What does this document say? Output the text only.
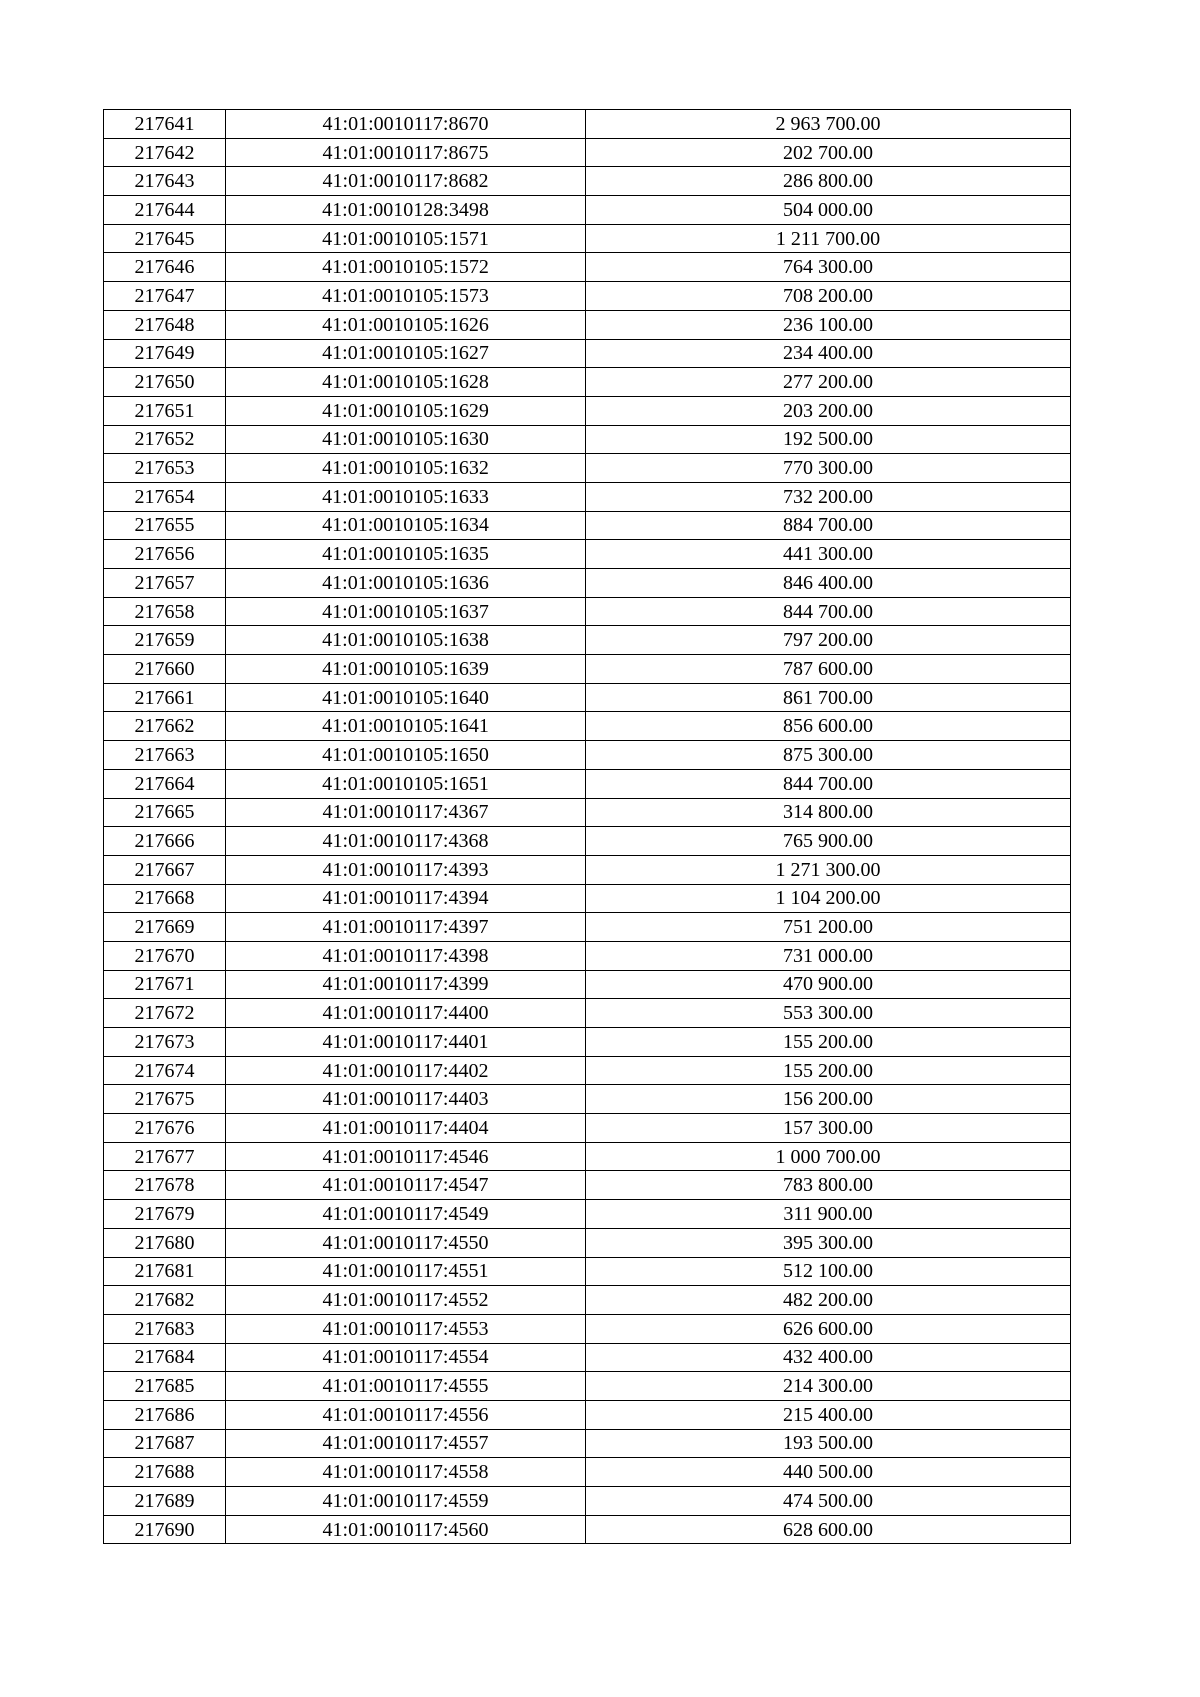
217641	41:01:0010117:8670	2 963 700.00
217642	41:01:0010117:8675	202 700.00
217643	41:01:0010117:8682	286 800.00
217644	41:01:0010128:3498	504 000.00
217645	41:01:0010105:1571	1 211 700.00
217646	41:01:0010105:1572	764 300.00
217647	41:01:0010105:1573	708 200.00
217648	41:01:0010105:1626	236 100.00
217649	41:01:0010105:1627	234 400.00
217650	41:01:0010105:1628	277 200.00
217651	41:01:0010105:1629	203 200.00
217652	41:01:0010105:1630	192 500.00
217653	41:01:0010105:1632	770 300.00
217654	41:01:0010105:1633	732 200.00
217655	41:01:0010105:1634	884 700.00
217656	41:01:0010105:1635	441 300.00
217657	41:01:0010105:1636	846 400.00
217658	41:01:0010105:1637	844 700.00
217659	41:01:0010105:1638	797 200.00
217660	41:01:0010105:1639	787 600.00
217661	41:01:0010105:1640	861 700.00
217662	41:01:0010105:1641	856 600.00
217663	41:01:0010105:1650	875 300.00
217664	41:01:0010105:1651	844 700.00
217665	41:01:0010117:4367	314 800.00
217666	41:01:0010117:4368	765 900.00
217667	41:01:0010117:4393	1 271 300.00
217668	41:01:0010117:4394	1 104 200.00
217669	41:01:0010117:4397	751 200.00
217670	41:01:0010117:4398	731 000.00
217671	41:01:0010117:4399	470 900.00
217672	41:01:0010117:4400	553 300.00
217673	41:01:0010117:4401	155 200.00
217674	41:01:0010117:4402	155 200.00
217675	41:01:0010117:4403	156 200.00
217676	41:01:0010117:4404	157 300.00
217677	41:01:0010117:4546	1 000 700.00
217678	41:01:0010117:4547	783 800.00
217679	41:01:0010117:4549	311 900.00
217680	41:01:0010117:4550	395 300.00
217681	41:01:0010117:4551	512 100.00
217682	41:01:0010117:4552	482 200.00
217683	41:01:0010117:4553	626 600.00
217684	41:01:0010117:4554	432 400.00
217685	41:01:0010117:4555	214 300.00
217686	41:01:0010117:4556	215 400.00
217687	41:01:0010117:4557	193 500.00
217688	41:01:0010117:4558	440 500.00
217689	41:01:0010117:4559	474 500.00
217690	41:01:0010117:4560	628 600.00
